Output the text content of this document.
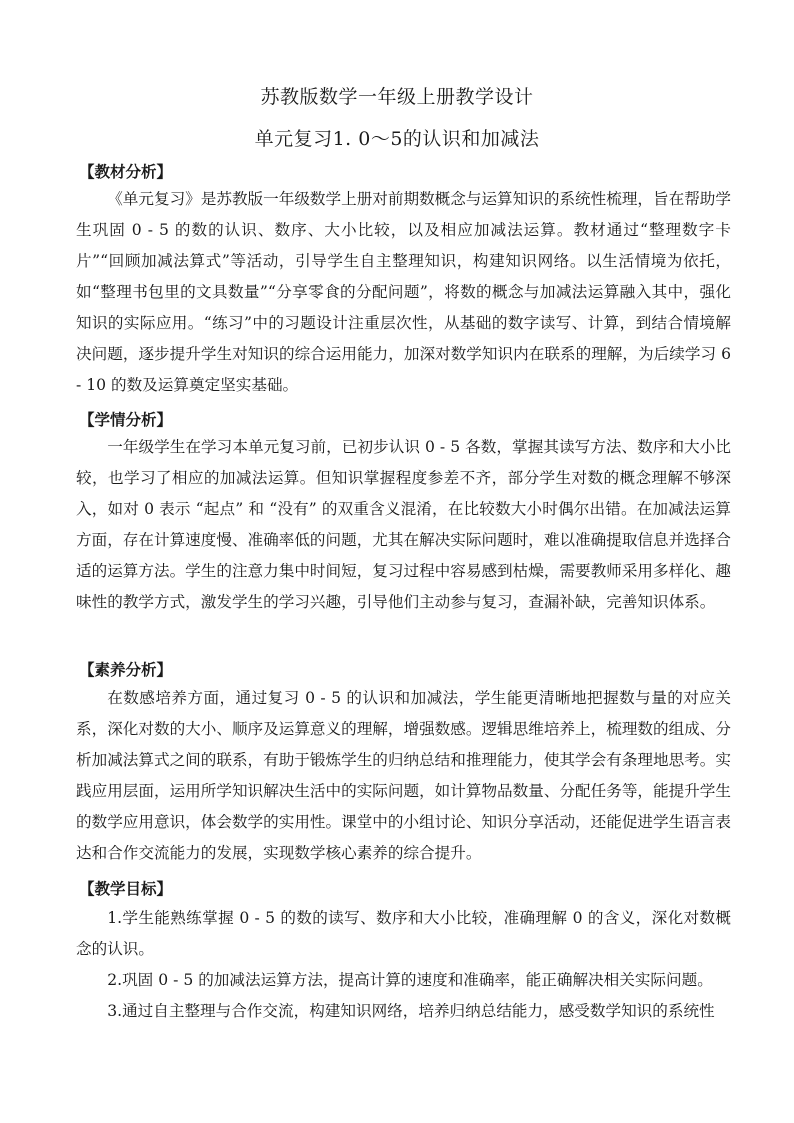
苏教版数学一年级上册教学设计
单元复习1. 0～5的认识和加减法
【教材分析】

《单元复习》是苏教版一年级数学上册对前期数概念与运算知识的系统性梳理，旨在帮助学生巩固 0 - 5 的数的认识、数序、大小比较，以及相应加减法运算。教材通过“整理数字卡片”“回顾加减法算式”等活动，引导学生自主整理知识，构建知识网络。以生活情境为依托，如“整理书包里的文具数量”“分享零食的分配问题”，将数的概念与加减法运算融入其中，强化知识的实际应用。“练习”中的习题设计注重层次性，从基础的数字读写、计算，到结合情境解决问题，逐步提升学生对知识的综合运用能力，加深对数学知识内在联系的理解，为后续学习 6 - 10 的数及运算奠定坚实基础。

【学情分析】

一年级学生在学习本单元复习前，已初步认识 0 - 5 各数，掌握其读写方法、数序和大小比较，也学习了相应的加减法运算。但知识掌握程度参差不齐，部分学生对数的概念理解不够深入，如对 0 表示 “起点” 和 “没有” 的双重含义混淆，在比较数大小时偶尔出错。在加减法运算方面，存在计算速度慢、准确率低的问题，尤其在解决实际问题时，难以准确提取信息并选择合适的运算方法。学生的注意力集中时间短，复习过程中容易感到枯燥，需要教师采用多样化、趣味性的教学方式，激发学生的学习兴趣，引导他们主动参与复习，查漏补缺，完善知识体系。

【素养分析】

在数感培养方面，通过复习 0 - 5 的认识和加减法，学生能更清晰地把握数与量的对应关系，深化对数的大小、顺序及运算意义的理解，增强数感。逻辑思维培养上，梳理数的组成、分析加减法算式之间的联系，有助于锻炼学生的归纳总结和推理能力，使其学会有条理地思考。实践应用层面，运用所学知识解决生活中的实际问题，如计算物品数量、分配任务等，能提升学生的数学应用意识，体会数学的实用性。课堂中的小组讨论、知识分享活动，还能促进学生语言表达和合作交流能力的发展，实现数学核心素养的综合提升。

【教学目标】

1.学生能熟练掌握 0 - 5 的数的读写、数序和大小比较，准确理解 0 的含义，深化对数概念的认识。

2.巩固 0 - 5 的加减法运算方法，提高计算的速度和准确率，能正确解决相关实际问题。

3.通过自主整理与合作交流，构建知识网络，培养归纳总结能力，感受数学知识的系统性
